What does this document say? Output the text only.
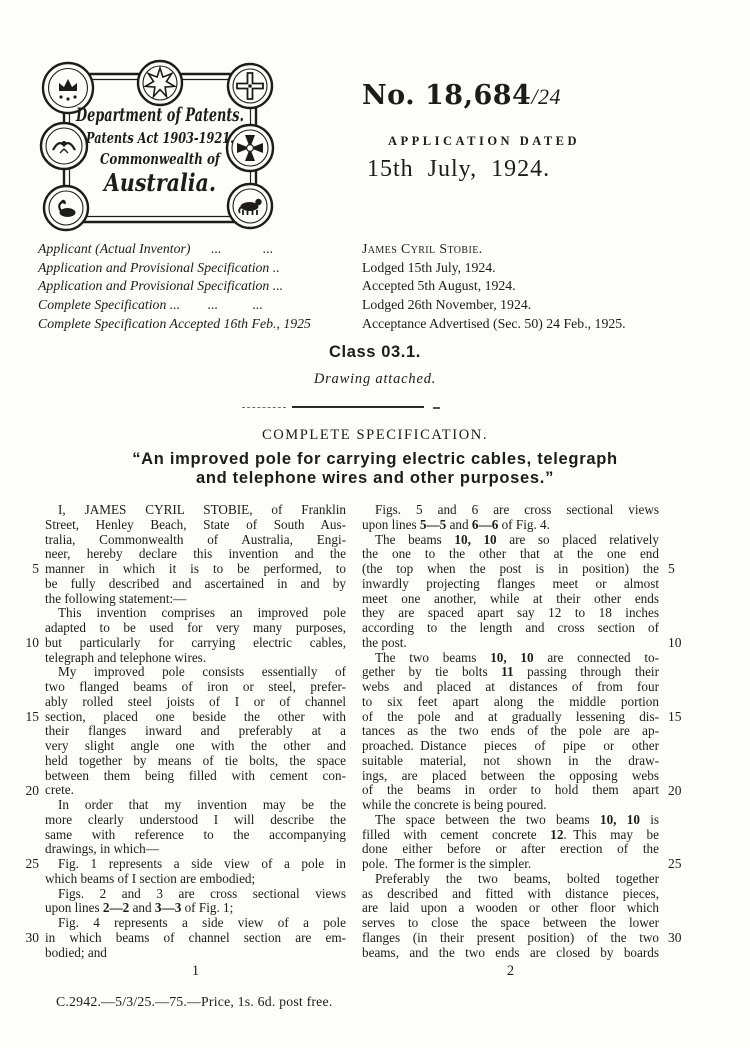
Department of Patents.
Patents Act 1903-1921.
Commonwealth of
Australia.
No. 18,684/24
APPLICATION DATED
15th July, 1924.
Applicant (Actual Inventor)   ...      ...	James Cyril Stobie.
Application and Provisional Specification ..	Lodged 15th July, 1924.
Application and Provisional Specification ...	Accepted 5th August, 1924.
Complete Specification ...    ...     ...	Lodged 26th November, 1924.
Complete Specification Accepted 16th Feb., 1925	Acceptance Advertised (Sec. 50) 24 Feb., 1925.
Class 03.1.
Drawing attached.
COMPLETE SPECIFICATION.
“An improved pole for carrying electric cables, telegraph
and telephone wires and other purposes.”
5
10
15
20
25
30
I, JAMES CYRIL STOBIE, of Franklin
Street, Henley Beach, State of South Aus-
tralia, Commonwealth of Australia, Engi-
neer, hereby declare this invention and the
manner in which it is to be performed, to
be fully described and ascertained in and by
the following statement:—
This invention comprises an improved pole
adapted to be used for very many purposes,
but particularly for carrying electric cables,
telegraph and telephone wires.
My improved pole consists essentially of
two flanged beams of iron or steel, prefer-
ably rolled steel joists of I or of channel
section, placed one beside the other with
their flanges inward and preferably at a
very slight angle one with the other and
held together by means of tie bolts, the space
between them being filled with cement con-
crete.
In order that my invention may be the
more clearly understood I will describe the
same with reference to the accompanying
drawings, in which—
Fig. 1 represents a side view of a pole in
which beams of I section are embodied;
Figs. 2 and 3 are cross sectional views
upon lines 2—2 and 3—3 of Fig. 1;
Fig. 4 represents a side view of a pole
in which beams of channel section are em-
bodied; and
5
10
15
20
25
30
Figs. 5 and 6 are cross sectional views
upon lines 5—5 and 6—6 of Fig. 4.
The beams 10, 10 are so placed relatively
the one to the other that at the one end
(the top when the post is in position) the
inwardly projecting flanges meet or almost
meet one another, while at their other ends
they are spaced apart say 12 to 18 inches
according to the length and cross section of
the post.
The two beams 10, 10 are connected to-
gether by tie bolts 11 passing through their
webs and placed at distances of from four
to six feet apart along the middle portion
of the pole and at gradually lessening dis-
tances as the two ends of the pole are ap-
proached. Distance pieces of pipe or other
suitable material, not shown in the draw-
ings, are placed between the opposing webs
of the beams in order to hold them apart
while the concrete is being poured.
The space between the two beams 10, 10 is
filled with cement concrete 12. This may be
done either before or after erection of the
pole. The former is the simpler.
Preferably the two beams, bolted together
as described and fitted with distance pieces,
are laid upon a wooden or other floor which
serves to close the space between the lower
flanges (in their present position) of the two
beams, and the two ends are closed by boards
1	2
C.2942.—5/3/25.—75.—Price, 1s. 6d. post free.
